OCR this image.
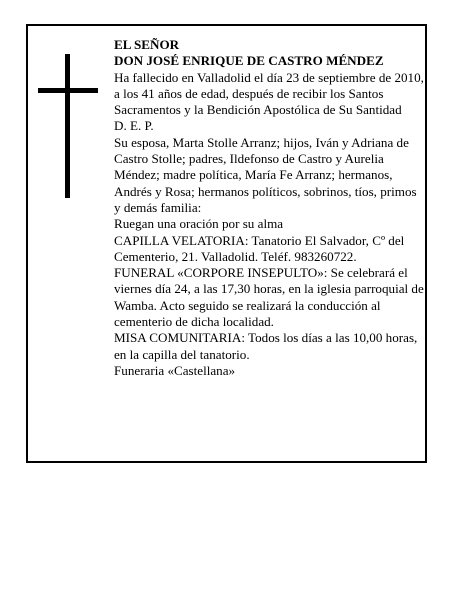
EL SEÑOR

DON JOSÉ ENRIQUE DE CASTRO MÉNDEZ

Ha fallecido en Valladolid el día 23 de septiembre de 2010, a los 41 años de edad, después de recibir los Santos Sacramentos y la Bendición Apostólica de Su Santidad

D. E. P.

Su esposa, Marta Stolle Arranz; hijos, Iván y Adriana de Castro Stolle; padres, Ildefonso de Castro y Aurelia Méndez; madre política, María Fe Arranz; hermanos, Andrés y Rosa; hermanos políticos, sobrinos, tíos, primos y demás familia:

Ruegan una oración por su alma

CAPILLA VELATORIA: Tanatorio El Salvador, Cº del Cementerio, 21. Valladolid. Teléf. 983260722.

FUNERAL «CORPORE INSEPULTO»: Se celebrará el viernes día 24, a las 17,30 horas, en la iglesia parroquial de Wamba. Acto seguido se realizará la conducción al cementerio de dicha localidad.

MISA COMUNITARIA: Todos los días a las 10,00 horas, en la capilla del tanatorio.

Funeraria «Castellana»
